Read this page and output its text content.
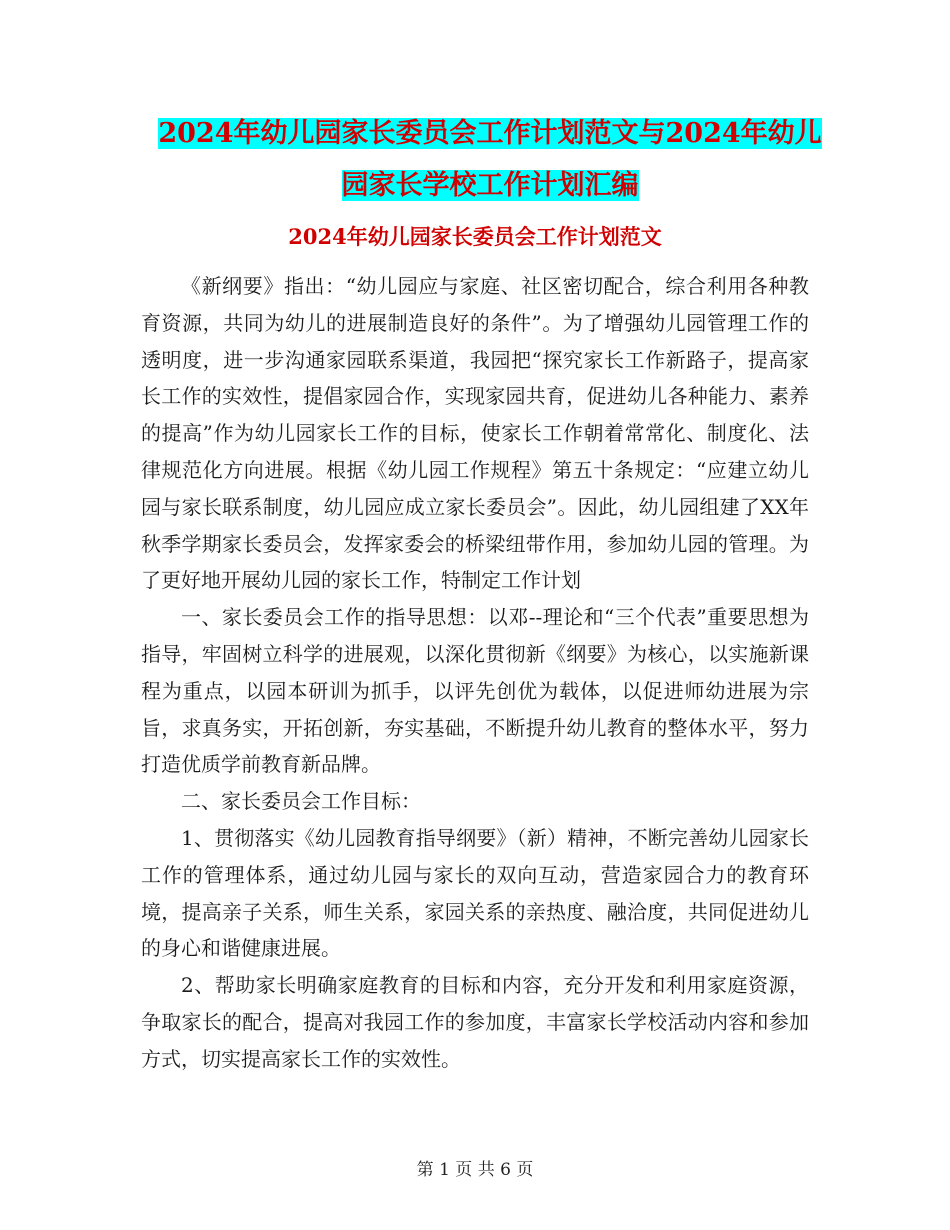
2024年幼儿园家长委员会工作计划范文与2024年幼儿
园家长学校工作计划汇编
2024年幼儿园家长委员会工作计划范文

《新纲要》指出：“幼儿园应与家庭、社区密切配合，综合利用各种教育资源，共同为幼儿的进展制造良好的条件”。为了增强幼儿园管理工作的透明度，进一步沟通家园联系渠道，我园把“探究家长工作新路子，提高家长工作的实效性，提倡家园合作，实现家园共育，促进幼儿各种能力、素养的提高”作为幼儿园家长工作的目标，使家长工作朝着常常化、制度化、法律规范化方向进展。根据《幼儿园工作规程》第五十条规定：“应建立幼儿园与家长联系制度，幼儿园应成立家长委员会”。因此，幼儿园组建了XX年秋季学期家长委员会，发挥家委会的桥梁纽带作用，参加幼儿园的管理。为了更好地开展幼儿园的家长工作，特制定工作计划

一、家长委员会工作的指导思想：以邓--理论和“三个代表”重要思想为指导，牢固树立科学的进展观，以深化贯彻新《纲要》为核心，以实施新课程为重点，以园本研训为抓手，以评先创优为载体，以促进师幼进展为宗旨，求真务实，开拓创新，夯实基础，不断提升幼儿教育的整体水平，努力打造优质学前教育新品牌。

二、家长委员会工作目标：

1、贯彻落实《幼儿园教育指导纲要》（新）精神，不断完善幼儿园家长工作的管理体系，通过幼儿园与家长的双向互动，营造家园合力的教育环境，提高亲子关系，师生关系，家园关系的亲热度、融洽度，共同促进幼儿的身心和谐健康进展。

2、帮助家长明确家庭教育的目标和内容，充分开发和利用家庭资源，争取家长的配合，提高对我园工作的参加度，丰富家长学校活动内容和参加方式，切实提高家长工作的实效性。

第 1 页 共 6 页
